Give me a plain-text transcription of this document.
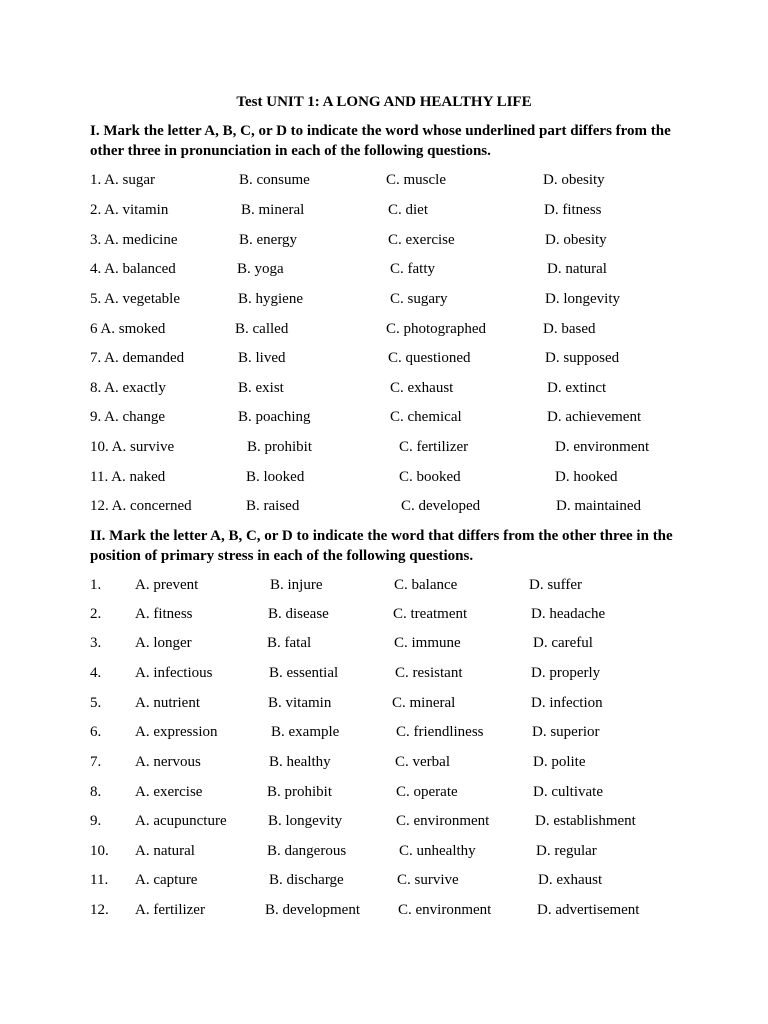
Test UNIT 1: A LONG AND HEALTHY LIFE
I. Mark the letter A, B, C, or D to indicate the word whose underlined part differs from the other three in pronunciation in each of the following questions.
1. A. sugar	B. consume	C. muscle	D. obesity
2. A. vitamin	B. mineral	C. diet	D. fitness
3. A. medicine	B. energy	C. exercise	D. obesity
4. A. balanced	B. yoga	C. fatty	D. natural
5. A. vegetable	B. hygiene	C. sugary	D. longevity
6 A. smoked	B. called	C. photographed	D. based
7. A. demanded	B. lived	C. questioned	D. supposed
8. A. exactly	B. exist	C. exhaust	D. extinct
9. A. change	B. poaching	C. chemical	D. achievement
10. A. survive	B. prohibit	C. fertilizer	D. environment
11. A. naked	B. looked	C. booked	D. hooked
12. A. concerned	B. raised	C. developed	D. maintained
II. Mark the letter A, B, C, or D to indicate the word that differs from the other three in the position of primary stress in each of the following questions.
1. A. prevent	B. injure	C. balance	D. suffer
2. A. fitness	B. disease	C. treatment	D. headache
3. A. longer	B. fatal	C. immune	D. careful
4. A. infectious	B. essential	C. resistant	D. properly
5. A. nutrient	B. vitamin	C. mineral	D. infection
6. A. expression	B. example	C. friendliness	D. superior
7. A. nervous	B. healthy	C. verbal	D. polite
8. A. exercise	B. prohibit	C. operate	D. cultivate
9. A. acupuncture	B. longevity	C. environment	D. establishment
10. A. natural	B. dangerous	C. unhealthy	D. regular
11. A. capture	B. discharge	C. survive	D. exhaust
12. A. fertilizer	B. development	C. environment	D. advertisement
